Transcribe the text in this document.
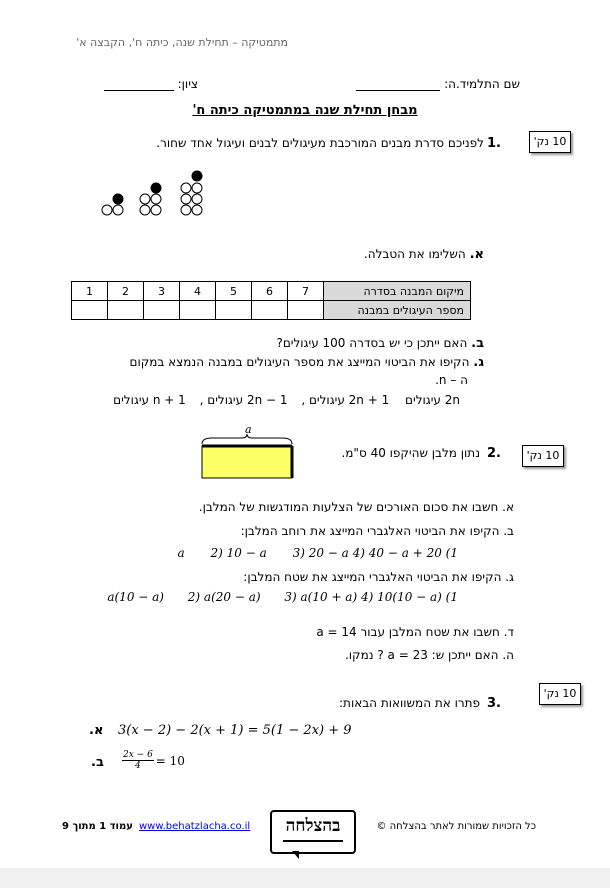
מתמטיקה – תחילת שנה, כיתה ח', הקבצה א'
שם התלמיד.ה:
ציון:
מבחן תחילת שנה במתמטיקה כיתה ח'
10 נק'
1.
לפניכם סדרת מבנים המורכבת מעיגולים לבנים ועיגול אחד שחור.
א. השלימו את הטבלה.
1	2	3	4	5	6	7	מיקום המבנה בסדרה
							מספר העיגולים במבנה
ב. האם ייתכן כי יש בסדרה 100 עיגולים?
ג. הקיפו את הביטוי המייצג את מספר העיגולים במבנה הנמצא במקום
ה – n.
2n עיגולים 2n + 1 עיגולים , 2n − 1 עיגולים , n + 1 עיגולים
a
10 נק'
2.
נתון מלבן שהיקפו 40 ס"מ.
א. חשבו את סכום האורכים של הצלעות המודגשות של המלבן.
ב. הקיפו את הביטוי האלגברי המייצג את רוחב המלבן:
1) 20 + a 2) 10 − a 3) 20 − a 4) 40 − a
ג. הקיפו את הביטוי האלגברי המייצג את שטח המלבן:
1) a(10 − a) 2) a(20 − a) 3) a(10 + a) 4) 10(10 − a)
ד. חשבו את שטח המלבן עבור a = 14
ה. האם ייתכן ש: a = 23 ? נמקו.
10 נק'
3.
פתרו את המשוואות הבאות:
א. 3(x − 2) − 2(x + 1) = 5(1 − 2x) + 9
ב. $\frac{2x - 6}{4} = 10$
עמוד 1 מתוך 9 www.behatzlacha.co.il	בהצלחה	כל הזכויות שמורות לאתר בהצלחה ©
